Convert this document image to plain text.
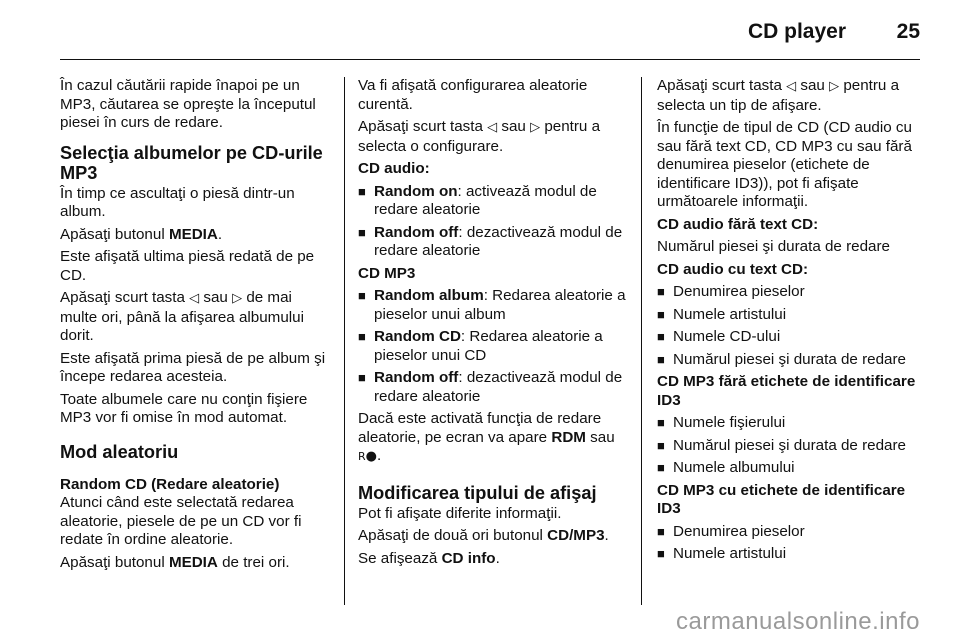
CD player 25

În cazul căutării rapide înapoi pe un MP3, căutarea se opreşte la începutul piesei în curs de redare.

Selecţia albumelor pe CD-urile MP3

În timp ce ascultaţi o piesă dintr-un album.

Apăsaţi butonul MEDIA.

Este afişată ultima piesă redată de pe CD.

Apăsaţi scurt tasta ◁ sau ▷ de mai multe ori, până la afişarea albumului dorit.

Este afişată prima piesă de pe album şi începe redarea acesteia.

Toate albumele care nu conţin fişiere MP3 vor fi omise în mod automat.

Mod aleatoriu
Random CD (Redare aleatorie)

Atunci când este selectată redarea aleatorie, piesele de pe un CD vor fi redate în ordine aleatorie.

Apăsaţi butonul MEDIA de trei ori.

Va fi afişată configurarea aleatorie curentă.

Apăsaţi scurt tasta ◁ sau ▷ pentru a selecta o configurare.

CD audio:

■ Random on: activează modul de redare aleatorie
■ Random off: dezactivează modul de redare aleatorie

CD MP3

■ Random album: Redarea aleatorie a pieselor unui album
■ Random CD: Redarea aleatorie a pieselor unui CD
■ Random off: dezactivează modul de redare aleatorie

Dacă este activată funcţia de redare aleatorie, pe ecran va apare RDM sau
R●.

Modificarea tipului de afişaj

Pot fi afişate diferite informaţii.

Apăsaţi de două ori butonul CD/MP3.

Se afişează CD info.

Apăsaţi scurt tasta ◁ sau ▷ pentru a selecta un tip de afişare.

În funcţie de tipul de CD (CD audio cu sau fără text CD, CD MP3 cu sau fără denumirea pieselor (etichete de identificare ID3)), pot fi afişate următoarele informaţii.

CD audio fără text CD:

Numărul piesei şi durata de redare

CD audio cu text CD:

■ Denumirea pieselor
■ Numele artistului
■ Numele CD-ului
■ Numărul piesei şi durata de redare

CD MP3 fără etichete de identificare ID3

■ Numele fişierului
■ Numărul piesei şi durata de redare
■ Numele albumului

CD MP3 cu etichete de identificare ID3

■ Denumirea pieselor
■ Numele artistului
carmanualsonline.info
